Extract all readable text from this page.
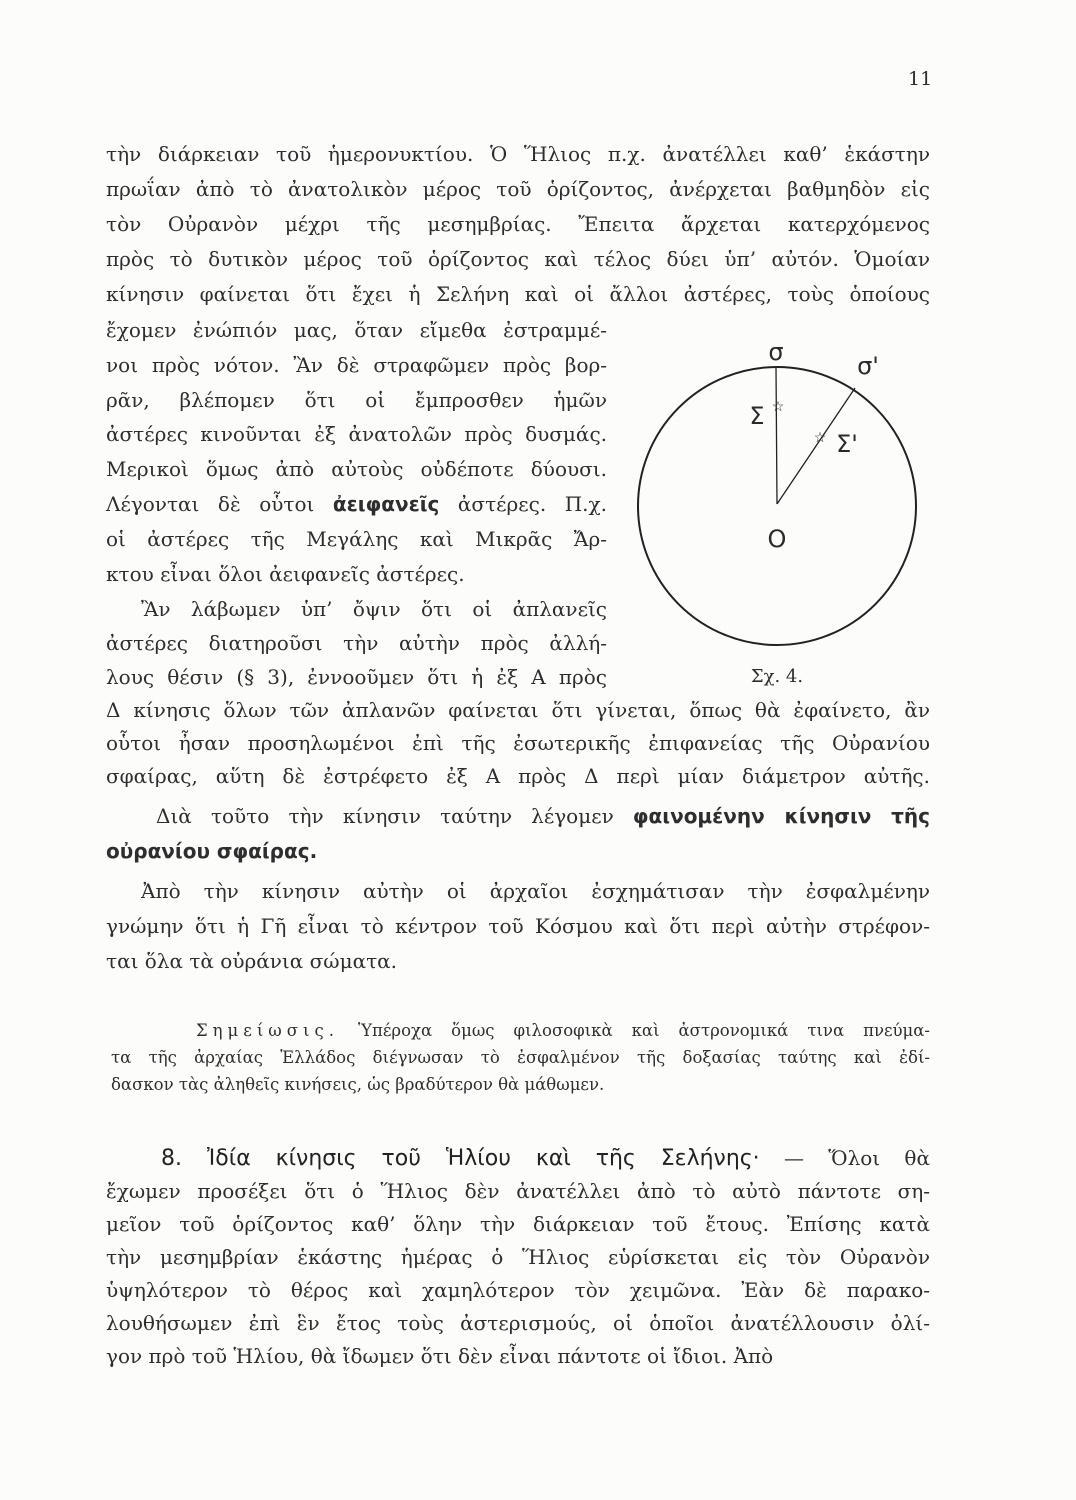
11
τὴν διάρκειαν τοῦ ἡμερονυκτίου. Ὁ Ἥλιος π.χ. ἀνατέλλει καθ’ ἑκάστην
πρωΐαν ἀπὸ τὸ ἀνατολικὸν μέρος τοῦ ὁρίζοντος, ἀνέρχεται βαθμηδὸν εἰς
τὸν Οὐρανὸν μέχρι τῆς μεσημβρίας. Ἔπειτα ἄρχεται κατερχόμενος
πρὸς τὸ δυτικὸν μέρος τοῦ ὁρίζοντος καὶ τέλος δύει ὑπ’ αὐτόν. Ὁμοίαν
κίνησιν φαίνεται ὅτι ἔχει ἡ Σελήνη καὶ οἱ ἄλλοι ἀστέρες, τοὺς ὁποίους
ἔχομεν ἐνώπιόν μας, ὅταν εἴμεθα ἐστραμμέ-
νοι πρὸς νότον. Ἂν δὲ στραφῶμεν πρὸς βορ-
ρᾶν, βλέπομεν ὅτι οἱ ἔμπροσθεν ἡμῶν
ἀστέρες κινοῦνται ἐξ ἀνατολῶν πρὸς δυσμάς.
Μερικοὶ ὅμως ἀπὸ αὐτοὺς οὐδέποτε δύουσι.
Λέγονται δὲ οὗτοι ἀειφανεῖς ἀστέρες. Π.χ.
οἱ ἀστέρες τῆς Μεγάλης καὶ Μικρᾶς Ἄρ-
κτου εἶναι ὅλοι ἀειφανεῖς ἀστέρες.
Ἂν λάβωμεν ὑπ’ ὄψιν ὅτι οἱ ἀπλανεῖς
ἀστέρες διατηροῦσι τὴν αὐτὴν πρὸς ἀλλή-
λους θέσιν (§ 3), ἐννοοῦμεν ὅτι ἡ ἐξ Α πρὸς
Δ κίνησις ὅλων τῶν ἀπλανῶν φαίνεται ὅτι γίνεται, ὅπως θὰ ἐφαίνετο, ἂν
οὗτοι ἦσαν προσηλωμένοι ἐπὶ τῆς ἐσωτερικῆς ἐπιφανείας τῆς Οὐρανίου
σφαίρας, αὕτη δὲ ἐστρέφετο ἐξ Α πρὸς Δ περὶ μίαν διάμετρον αὐτῆς.
Διὰ τοῦτο τὴν κίνησιν ταύτην λέγομεν φαινομένην κίνησιν τῆς
οὐρανίου σφαίρας.
Ἀπὸ τὴν κίνησιν αὐτὴν οἱ ἀρχαῖοι ἐσχημάτισαν τὴν ἐσφαλμένην
γνώμην ὅτι ἡ Γῆ εἶναι τὸ κέντρον τοῦ Κόσμου καὶ ὅτι περὶ αὐτὴν στρέφον-
ται ὅλα τὰ οὐράνια σώματα.
Σημείωσις. Ὑπέροχα ὅμως φιλοσοφικὰ καὶ ἀστρονομικά τινα πνεύμα-
τα τῆς ἀρχαίας Ἑλλάδος διέγνωσαν τὸ ἐσφαλμένον τῆς δοξασίας ταύτης καὶ ἐδί-
δασκον τὰς ἀληθεῖς κινήσεις, ὡς βραδύτερον θὰ μάθωμεν.
8. Ἰδία κίνησις τοῦ Ἡλίου καὶ τῆς Σελήνης· — Ὅλοι θὰ
ἔχωμεν προσέξει ὅτι ὁ Ἥλιος δὲν ἀνατέλλει ἀπὸ τὸ αὐτὸ πάντοτε ση-
μεῖον τοῦ ὁρίζοντος καθ’ ὅλην τὴν διάρκειαν τοῦ ἔτους. Ἐπίσης κατὰ
τὴν μεσημβρίαν ἑκάστης ἡμέρας ὁ Ἥλιος εὑρίσκεται εἰς τὸν Οὐρανὸν
ὑψηλότερον τὸ θέρος καὶ χαμηλότερον τὸν χειμῶνα. Ἐὰν δὲ παρακο-
λουθήσωμεν ἐπὶ ἓν ἔτος τοὺς ἀστερισμούς, οἱ ὁποῖοι ἀνατέλλουσιν ὀλί-
γον πρὸ τοῦ Ἡλίου, θὰ ἴδωμεν ὅτι δὲν εἶναι πάντοτε οἱ ἴδιοι. Ἀπὸ
σ	σ'
☆
Σ
☆ Σ'
Ο
Σχ. 4.
